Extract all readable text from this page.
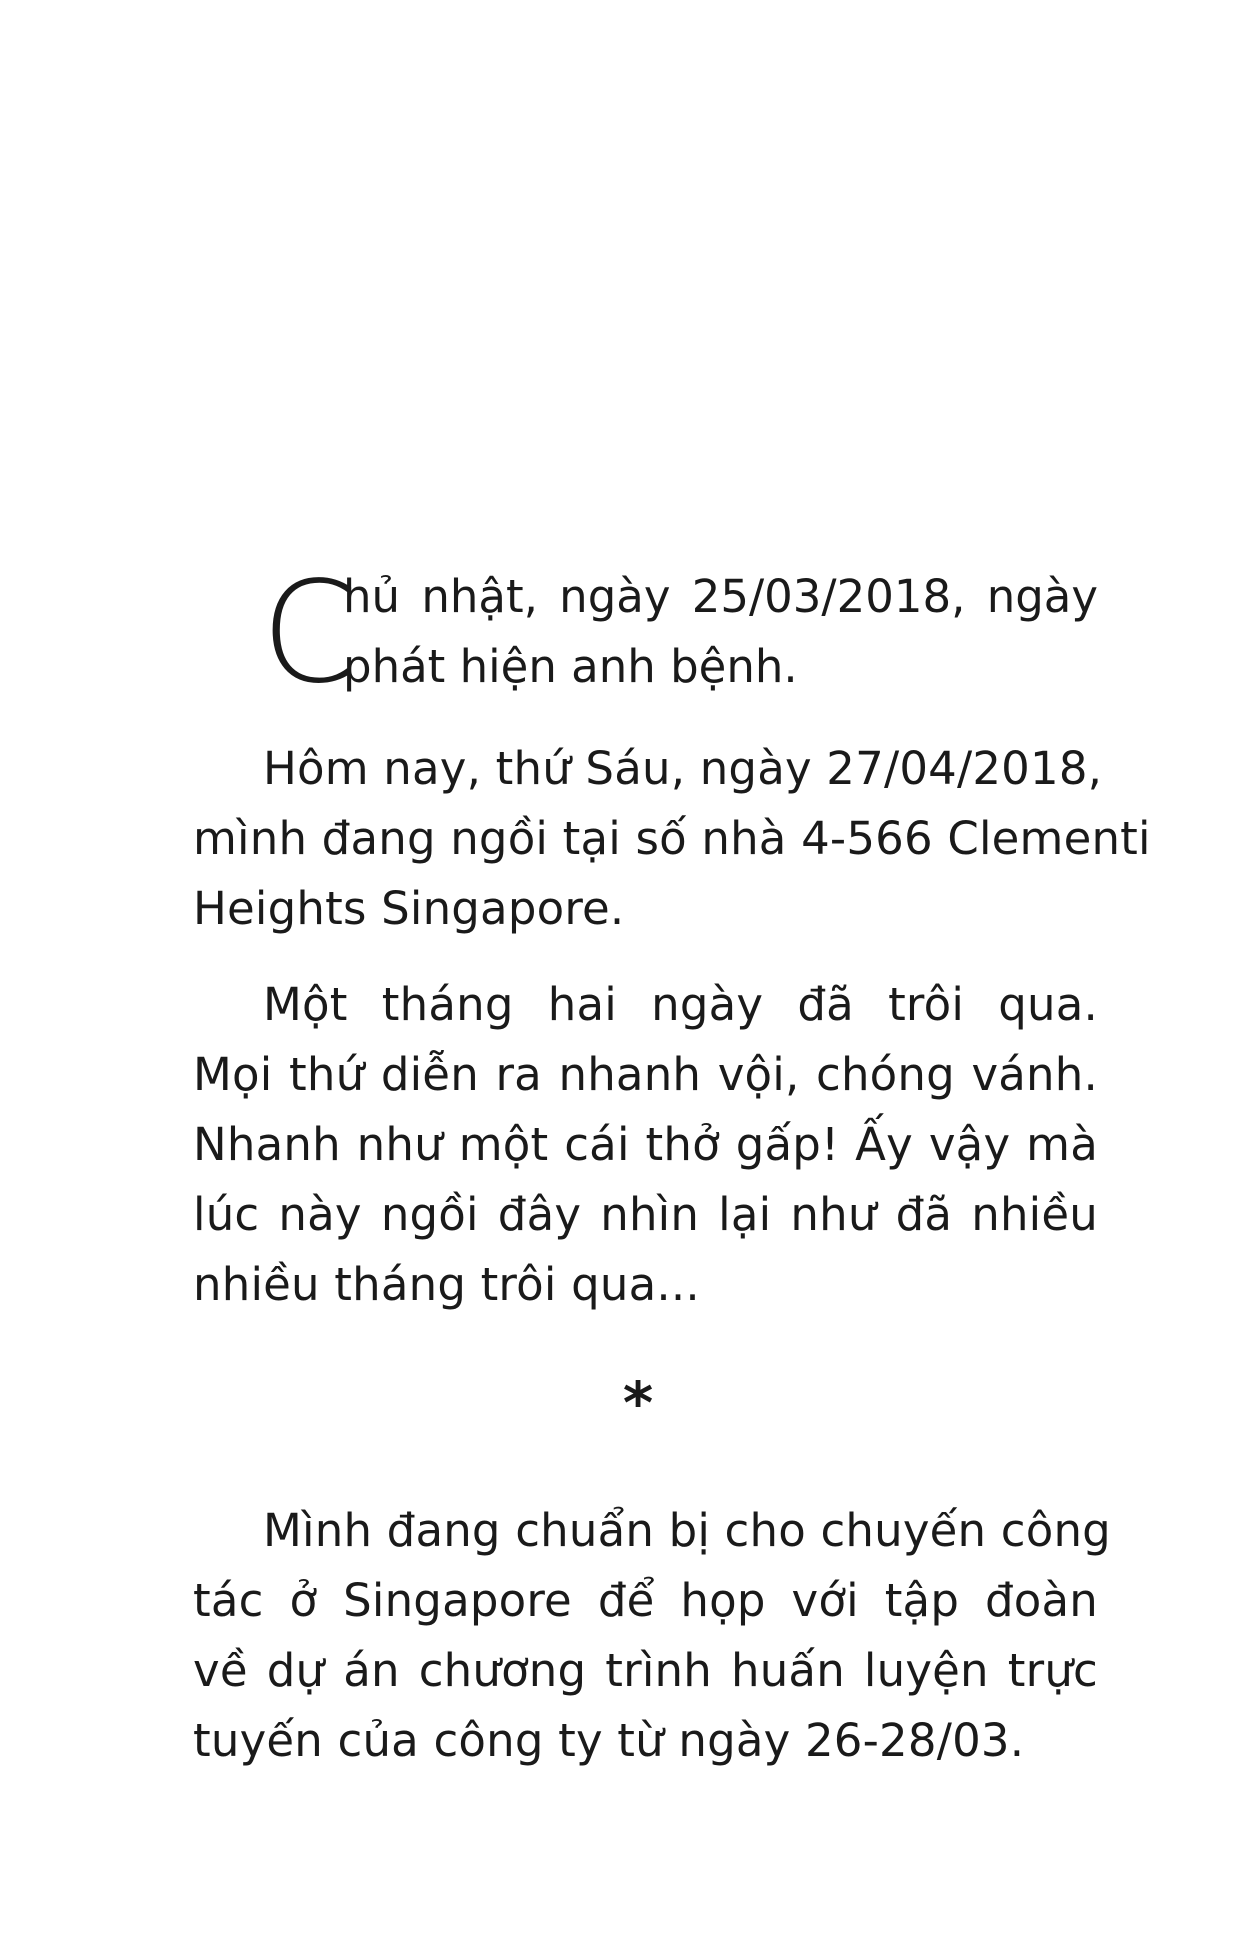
C
hủ nhật, ngày 25/03/2018, ngày
phát hiện anh bệnh.
Hôm nay, thứ Sáu, ngày 27/04/2018,
mình đang ngồi tại số nhà 4-566 Clementi
Heights Singapore.
Một tháng hai ngày đã trôi qua.
Mọi thứ diễn ra nhanh vội, chóng vánh.
Nhanh như một cái thở gấp! Ấy vậy mà
lúc này ngồi đây nhìn lại như đã nhiều
nhiều tháng trôi qua...
*
Mình đang chuẩn bị cho chuyến công
tác ở Singapore để họp với tập đoàn
về dự án chương trình huấn luyện trực
tuyến của công ty từ ngày 26-28/03.
